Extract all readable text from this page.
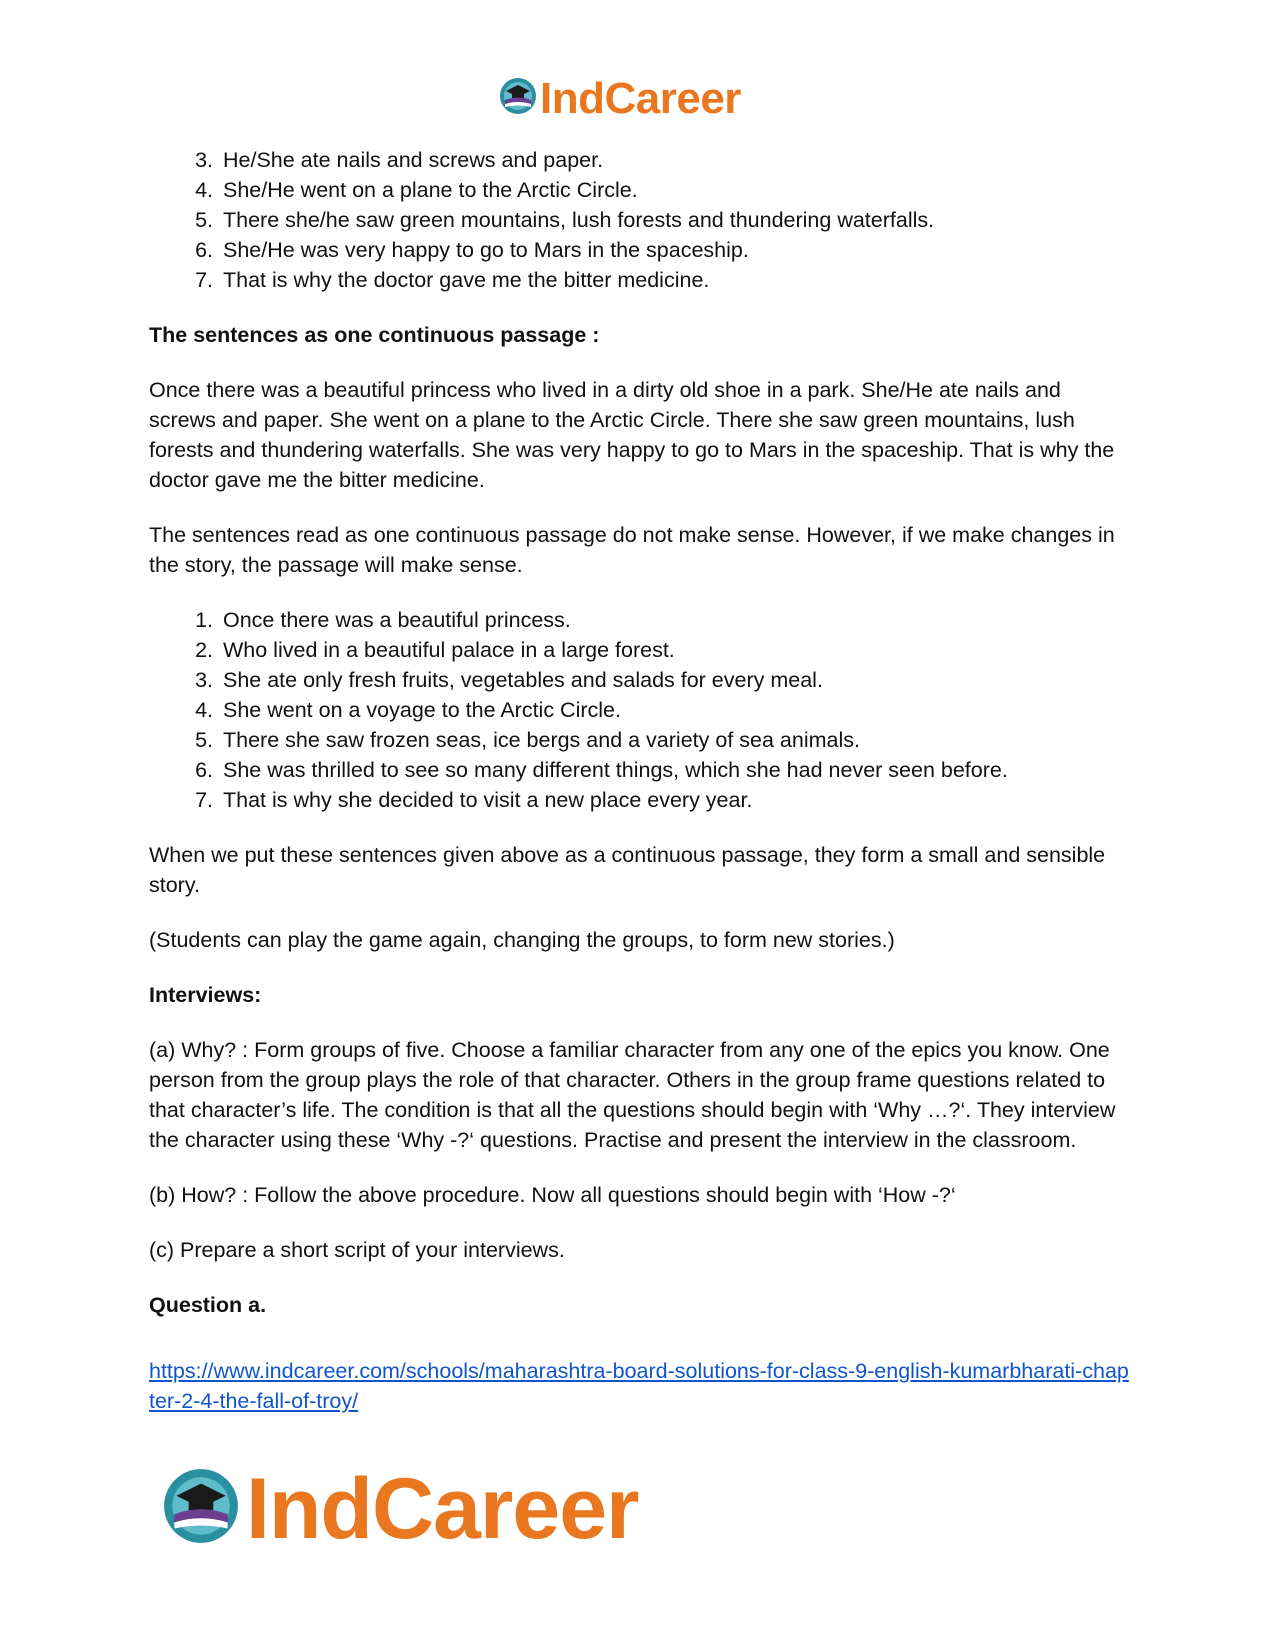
IndCareer
3. He/She ate nails and screws and paper.
4. She/He went on a plane to the Arctic Circle.
5. There she/he saw green mountains, lush forests and thundering waterfalls.
6. She/He was very happy to go to Mars in the spaceship.
7. That is why the doctor gave me the bitter medicine.

The sentences as one continuous passage :

Once there was a beautiful princess who lived in a dirty old shoe in a park. She/He ate nails and screws and paper. She went on a plane to the Arctic Circle. There she saw green mountains, lush forests and thundering waterfalls. She was very happy to go to Mars in the spaceship. That is why the doctor gave me the bitter medicine.

The sentences read as one continuous passage do not make sense. However, if we make changes in the story, the passage will make sense.

1. Once there was a beautiful princess.
2. Who lived in a beautiful palace in a large forest.
3. She ate only fresh fruits, vegetables and salads for every meal.
4. She went on a voyage to the Arctic Circle.
5. There she saw frozen seas, ice bergs and a variety of sea animals.
6. She was thrilled to see so many different things, which she had never seen before.
7. That is why she decided to visit a new place every year.

When we put these sentences given above as a continuous passage, they form a small and sensible story.

(Students can play the game again, changing the groups, to form new stories.)

Interviews:

(a) Why? : Form groups of five. Choose a familiar character from any one of the epics you know. One person from the group plays the role of that character. Others in the group frame questions related to that character’s life. The condition is that all the questions should begin with ‘Why …?‘. They interview the character using these ‘Why -?‘ questions. Practise and present the interview in the classroom.

(b) How? : Follow the above procedure. Now all questions should begin with ‘How -?‘

(c) Prepare a short script of your interviews.

Question a.

https://www.indcareer.com/schools/maharashtra-board-solutions-for-class-9-english-kumarbharati-chapter-2-4-the-fall-of-troy/

IndCareer
